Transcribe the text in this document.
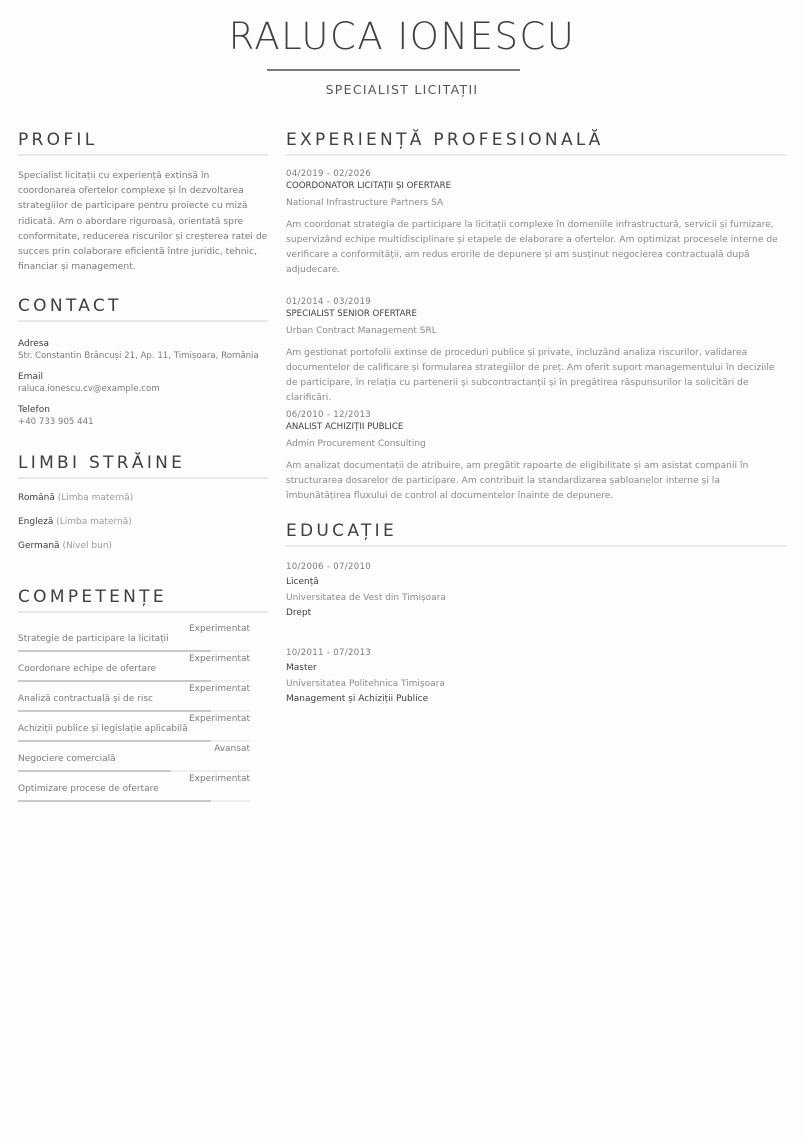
RALUCA IONESCU
SPECIALIST LICITAȚII
PROFIL
Specialist licitații cu experiență extinsă în coordonarea ofertelor complexe și în dezvoltarea strategiilor de participare pentru proiecte cu miză ridicată. Am o abordare riguroasă, orientată spre conformitate, reducerea riscurilor și creșterea ratei de succes prin colaborare eficientă între juridic, tehnic, financiar și management.
CONTACT
Adresa
Str. Constantin Brâncuși 21, Ap. 11, Timișoara, România
Email
raluca.ionescu.cv@example.com
Telefon
+40 733 905 441
LIMBI STRĂINE
Română (Limba maternă)
Engleză (Limba maternă)
Germană (Nivel bun)
COMPETENȚE
Strategie de participare la licitații
Experimentat
Coordonare echipe de ofertare
Experimentat
Analiză contractuală și de risc
Experimentat
Achiziții publice și legislație aplicabilă
Experimentat
Negociere comercială
Avansat
Optimizare procese de ofertare
Experimentat
EXPERIENȚĂ PROFESIONALĂ
04/2019 - 02/2026
COORDONATOR LICITAȚII ȘI OFERTARE
National Infrastructure Partners SA
Am coordonat strategia de participare la licitații complexe în domeniile infrastructură, servicii și furnizare, supervizând echipe multidisciplinare și etapele de elaborare a ofertelor. Am optimizat procesele interne de verificare a conformității, am redus erorile de depunere și am susținut negocierea contractuală după adjudecare.
01/2014 - 03/2019
SPECIALIST SENIOR OFERTARE
Urban Contract Management SRL
Am gestionat portofolii extinse de proceduri publice și private, incluzând analiza riscurilor, validarea documentelor de calificare și formularea strategiilor de preț. Am oferit suport managementului în deciziile de participare, în relația cu partenerii și subcontractanții și în pregătirea răspunsurilor la solicitări de clarificări.
06/2010 - 12/2013
ANALIST ACHIZIȚII PUBLICE
Admin Procurement Consulting
Am analizat documentații de atribuire, am pregătit rapoarte de eligibilitate și am asistat companii în structurarea dosarelor de participare. Am contribuit la standardizarea șabloanelor interne și la îmbunătățirea fluxului de control al documentelor înainte de depunere.
EDUCAȚIE
10/2006 - 07/2010
Licență
Universitatea de Vest din Timișoara
Drept
10/2011 - 07/2013
Master
Universitatea Politehnica Timișoara
Management și Achiziții Publice
